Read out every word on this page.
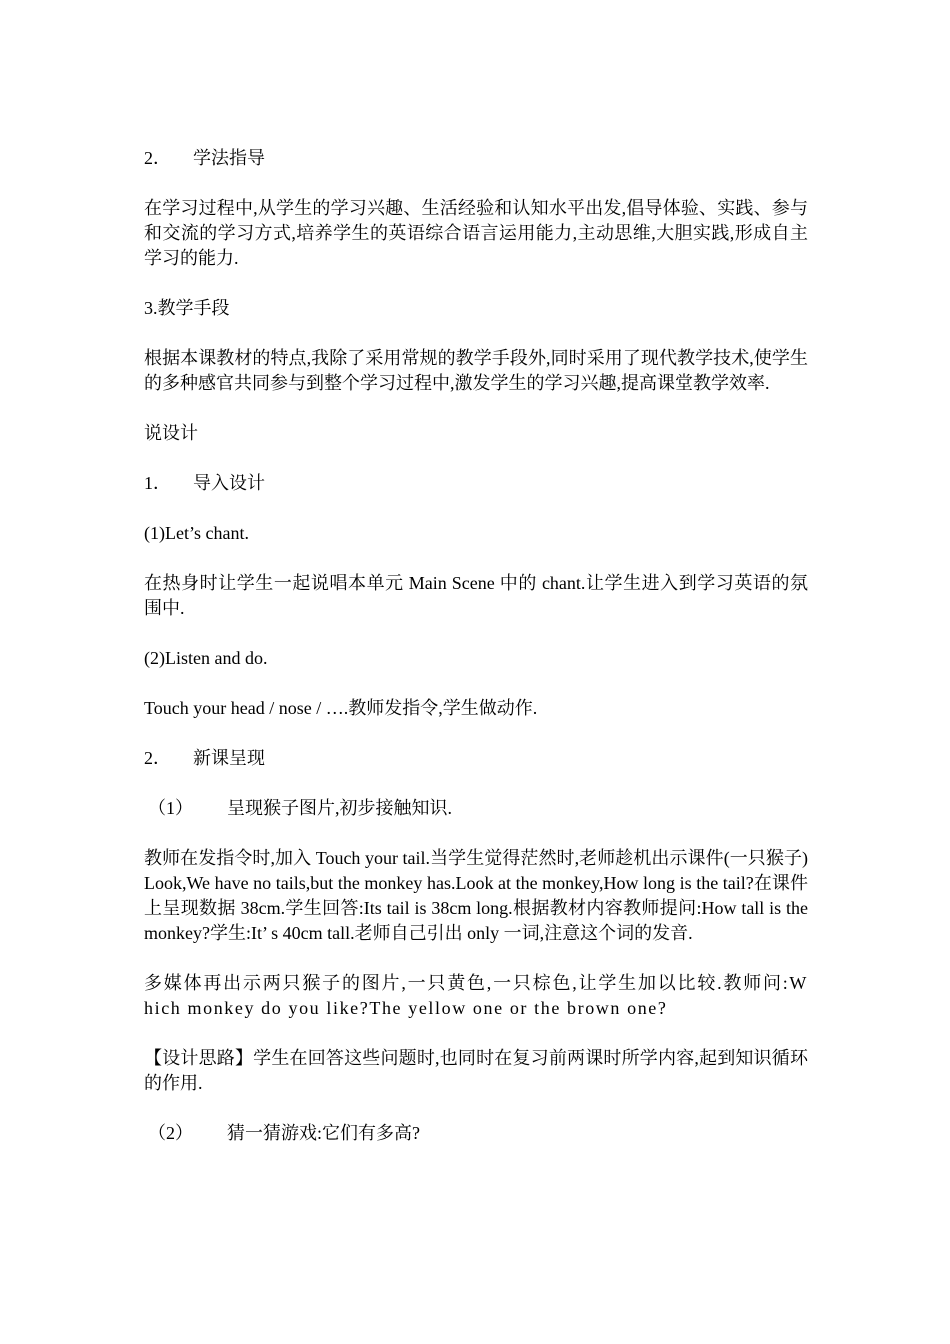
2． 学法指导
在学习过程中,从学生的学习兴趣、生活经验和认知水平出发,倡导体验、实践、参与和交流的学习方式,培养学生的英语综合语言运用能力,主动思维,大胆实践,形成自主学习的能力.
3.教学手段
根据本课教材的特点,我除了采用常规的教学手段外,同时采用了现代教学技术,使学生的多种感官共同参与到整个学习过程中,激发学生的学习兴趣,提高课堂教学效率.
说设计
1． 导入设计
(1)Let’s chant.
在热身时让学生一起说唱本单元 Main Scene 中的 chant.让学生进入到学习英语的氛围中.
(2)Listen and do.
Touch your head / nose / ….教师发指令,学生做动作.
2． 新课呈现
（1） 呈现猴子图片,初步接触知识.
教师在发指令时,加入 Touch your tail.当学生觉得茫然时,老师趁机出示课件(一只猴子)Look,We have no tails,but the monkey has.Look at the monkey,How long is the tail?在课件上呈现数据 38cm.学生回答:Its tail is 38cm long.根据教材内容教师提问:How tall is the monkey?学生:It’ s 40cm tall.老师自己引出 only 一词,注意这个词的发音.
多媒体再出示两只猴子的图片,一只黄色,一只棕色,让学生加以比较.教师问:Which monkey do you like?The yellow one or the brown one?
【设计思路】学生在回答这些问题时,也同时在复习前两课时所学内容,起到知识循环的作用.
（2） 猜一猜游戏:它们有多高?
